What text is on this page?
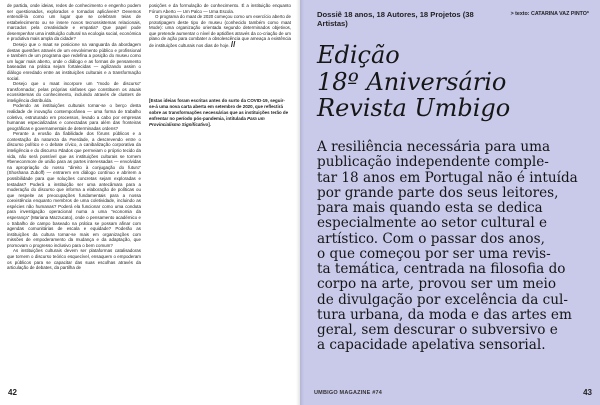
de partida, onde ideias, redes de conhecimento e engenho podem ser questionados, explorados e tornados aplicáveis? Devemos entendê-la como um lugar que se celebram teias de estabelecimento ou se insere novos tecnossistemas relacionais, marcados pela creatividade e empatia? Que papel pode desempenhar uma instituição cultural na ecologia social, económica e produtiva mais ampla da cidade?

Desejo que o maat se posicione na vanguarda da abordagem destas questões através de um envolvimento público e profissional e também de um programa que redefina a posição do museu como um lugar mais aberto, onde o diálogo e as formas de pensamento baseadas na prática sejam fortalecidas — agilizando assim o diálogo enredado entre as instituições culturais e a transformação social.

Desejo que o maat incorpore um "modo de discurso" transformador, pelas próprias sinfases que constituem os atuais ecossistemas do conhecimento, incluindo através de clusters de inteligência distribuída.

Podendo as instituições culturais tornar-se o berço desta realidade de inovação contemporânea — uma forma de trabalho coletivo, estruturado em processos, levado a cabo por empresas humanas especializadas e conectadas para além das fronteiras geográficas e governamentais de determinadas ordens?

Perante a erosão da fiabilidade dos fóruns públicos e a contestação da natureza da #verdade, a descrevendo entre o discurso político e o debate cívico, a canibalização corporativa da inteligência e do discurso #dados que permeiam o próprio tecido da vida, não será possível que as instituições culturais se tornem #beneconmore de união para as partes interessadas — envolvidas na apropriação do nosso "direito à conjugação do futuro" (Shoshana Zuboff) — entrarem em diálogo contínuo e abrirem a possibilidade para que soluções concretas sejam exploradas e testadas? Poderá a instituição ser uma antecâmara para a moderação do discurso que informa a elaboração de políticas ou que respeite as preocupações fundamentais para a nossa coexistência enquanto membros de uma coletividade, incluindo as espécies não humanas? Poderá ela funcionar como uma conduta para investigação operacional numa a uma "economia da esperança" (Mariana Mazzucato), onde o pensamento académico e o trabalho de campo baseado na prática se possam afinar com agendas comunitárias de escala e equidade? Poderão as instituições da cultura tornar-se mais em organizações com missões de empoderamento da mudança e da adaptação, que promovam o progresso inclusivo para o bem comum?

As instituições culturais devem ser plataformas catalisadoras que tornem o discurso teórico esquecível, ensaquem o empoderam os públicos para se capacitar das suas escolhas através da articulação de debates, da partilha de

posições e da formulação de conhecimento. É a instituição enquanto Fórum Aberto — Um Palco — Uma Escola.

O programa do maat de 2020 começou como um exercício aberto de prototipagem deste tipo de museu (conhecido também como maat Mode): uma organização orientada segundo determinados objetivos, que pretende aumentar o nível de aptidões através da co-criação de um plano de ação para combater a obsolescência que ameaça a existência de instituições culturais nos dias de hoje. //

[Estas ideias foram escritas antes do surto da COVID-19, seguir-se-á uma nova carta aberta em setembro de 2020, que reflectirá sobre as transformações necessárias que as instituições terão de enfrentar no período pós-pandemia, intitulada Para um Provincialismo Significativo].
42
Dossiê 18 anos, 18 Autores, 18 Projetos (38 Artistas)
> texto: CATARINA VAZ PINTO*
Edição
18º Aniversário
Revista Umbigo
A resiliência necessária para uma
publicação independente comple-
tar 18 anos em Portugal não é intuída
por grande parte dos seus leitores,
para mais quando esta se dedica
especialmente ao setor cultural e
artístico. Com o passar dos anos,
o que começou por ser uma revis-
ta temática, centrada na filosofia do
corpo na arte, provou ser um meio
de divulgação por excelência da cul-
tura urbana, da moda e das artes em
geral, sem descurar o subversivo e
a capacidade apelativa sensorial.
UMBIGO MAGAZINE #74	43
